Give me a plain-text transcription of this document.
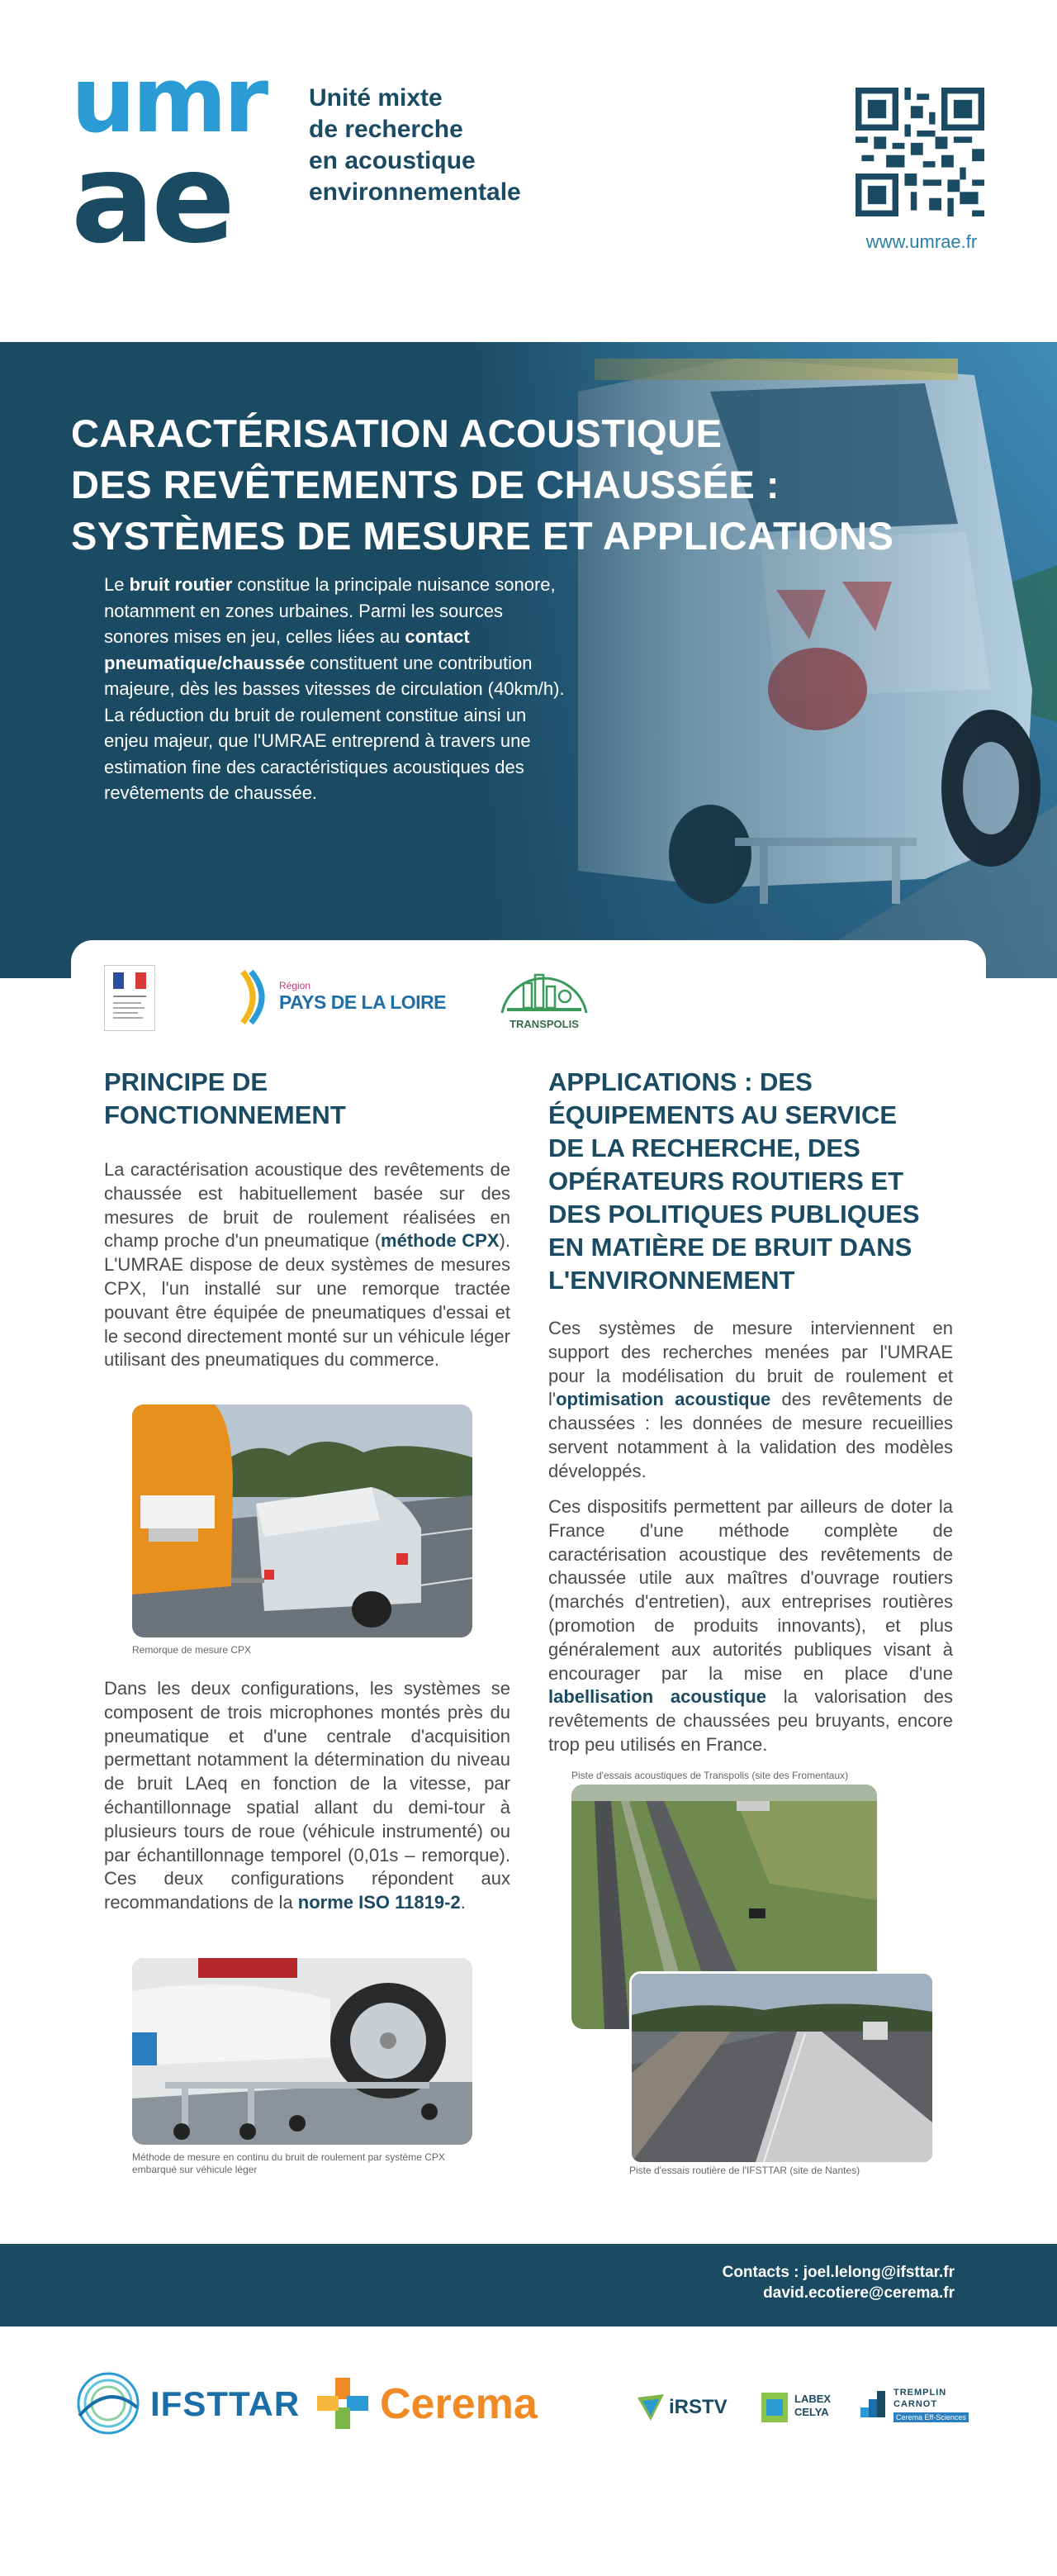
umr
ae
Unité mixte
de recherche
en acoustique
environnementale
www.umrae.fr
CARACTÉRISATION ACOUSTIQUE
DES REVÊTEMENTS DE CHAUSSÉE :
SYSTÈMES DE MESURE ET APPLICATIONS
Le bruit routier constitue la principale nuisance sonore, notamment en zones urbaines. Parmi les sources sonores mises en jeu, celles liées au contact pneumatique/chaussée constituent une contribution majeure, dès les basses vitesses de circulation (40km/h). La réduction du bruit de roulement constitue ainsi un enjeu majeur, que l'UMRAE entreprend à travers une estimation fine des caractéristiques acoustiques des revêtements de chaussée.
Région
PAYS DE LA LOIRE
TRANSPOLIS
PRINCIPE DE FONCTIONNEMENT
La caractérisation acoustique des revêtements de chaussée est habituellement basée sur des mesures de bruit de roulement réalisées en champ proche d'un pneumatique (méthode CPX). L'UMRAE dispose de deux systèmes de mesures CPX, l'un installé sur une remorque tractée pouvant être équipée de pneumatiques d'essai et le second directement monté sur un véhicule léger utilisant des pneumatiques du commerce.
Remorque de mesure CPX
Dans les deux configurations, les systèmes se composent de trois microphones montés près du pneumatique et d'une centrale d'acquisition permettant notamment la détermination du niveau de bruit LAeq en fonction de la vitesse, par échantillonnage spatial allant du demi-tour à plusieurs tours de roue (véhicule instrumenté) ou par échantillonnage temporel (0,01s – remorque). Ces deux configurations répondent aux recommandations de la norme ISO 11819-2.
Méthode de mesure en continu du bruit de roulement par système CPX embarqué sur véhicule léger
APPLICATIONS : DES ÉQUIPEMENTS AU SERVICE DE LA RECHERCHE, DES OPÉRATEURS ROUTIERS ET DES POLITIQUES PUBLIQUES EN MATIÈRE DE BRUIT DANS L'ENVIRONNEMENT
Ces systèmes de mesure interviennent en support des recherches menées par l'UMRAE pour la modélisation du bruit de roulement et l'optimisation acoustique des revêtements de chaussées : les données de mesure recueillies servent notamment à la validation des modèles développés.
Ces dispositifs permettent par ailleurs de doter la France d'une méthode complète de caractérisation acoustique des revêtements de chaussée utile aux maîtres d'ouvrage routiers (marchés d'entretien), aux entreprises routières (promotion de produits innovants), et plus généralement aux autorités publiques visant à encourager par la mise en place d'une labellisation acoustique la valorisation des revêtements de chaussées peu bruyants, encore trop peu utilisés en France.
Piste d'essais acoustiques de Transpolis (site des Fromentaux)
Piste d'essais routière de l'IFSTTAR (site de Nantes)
Contacts : joel.lelong@ifsttar.fr
david.ecotiere@cerema.fr
IFSTTAR Cerema	iRSTV	LABEX
CELYA
TREMPLIN
CARNOT
Cerema Eff-Sciences
